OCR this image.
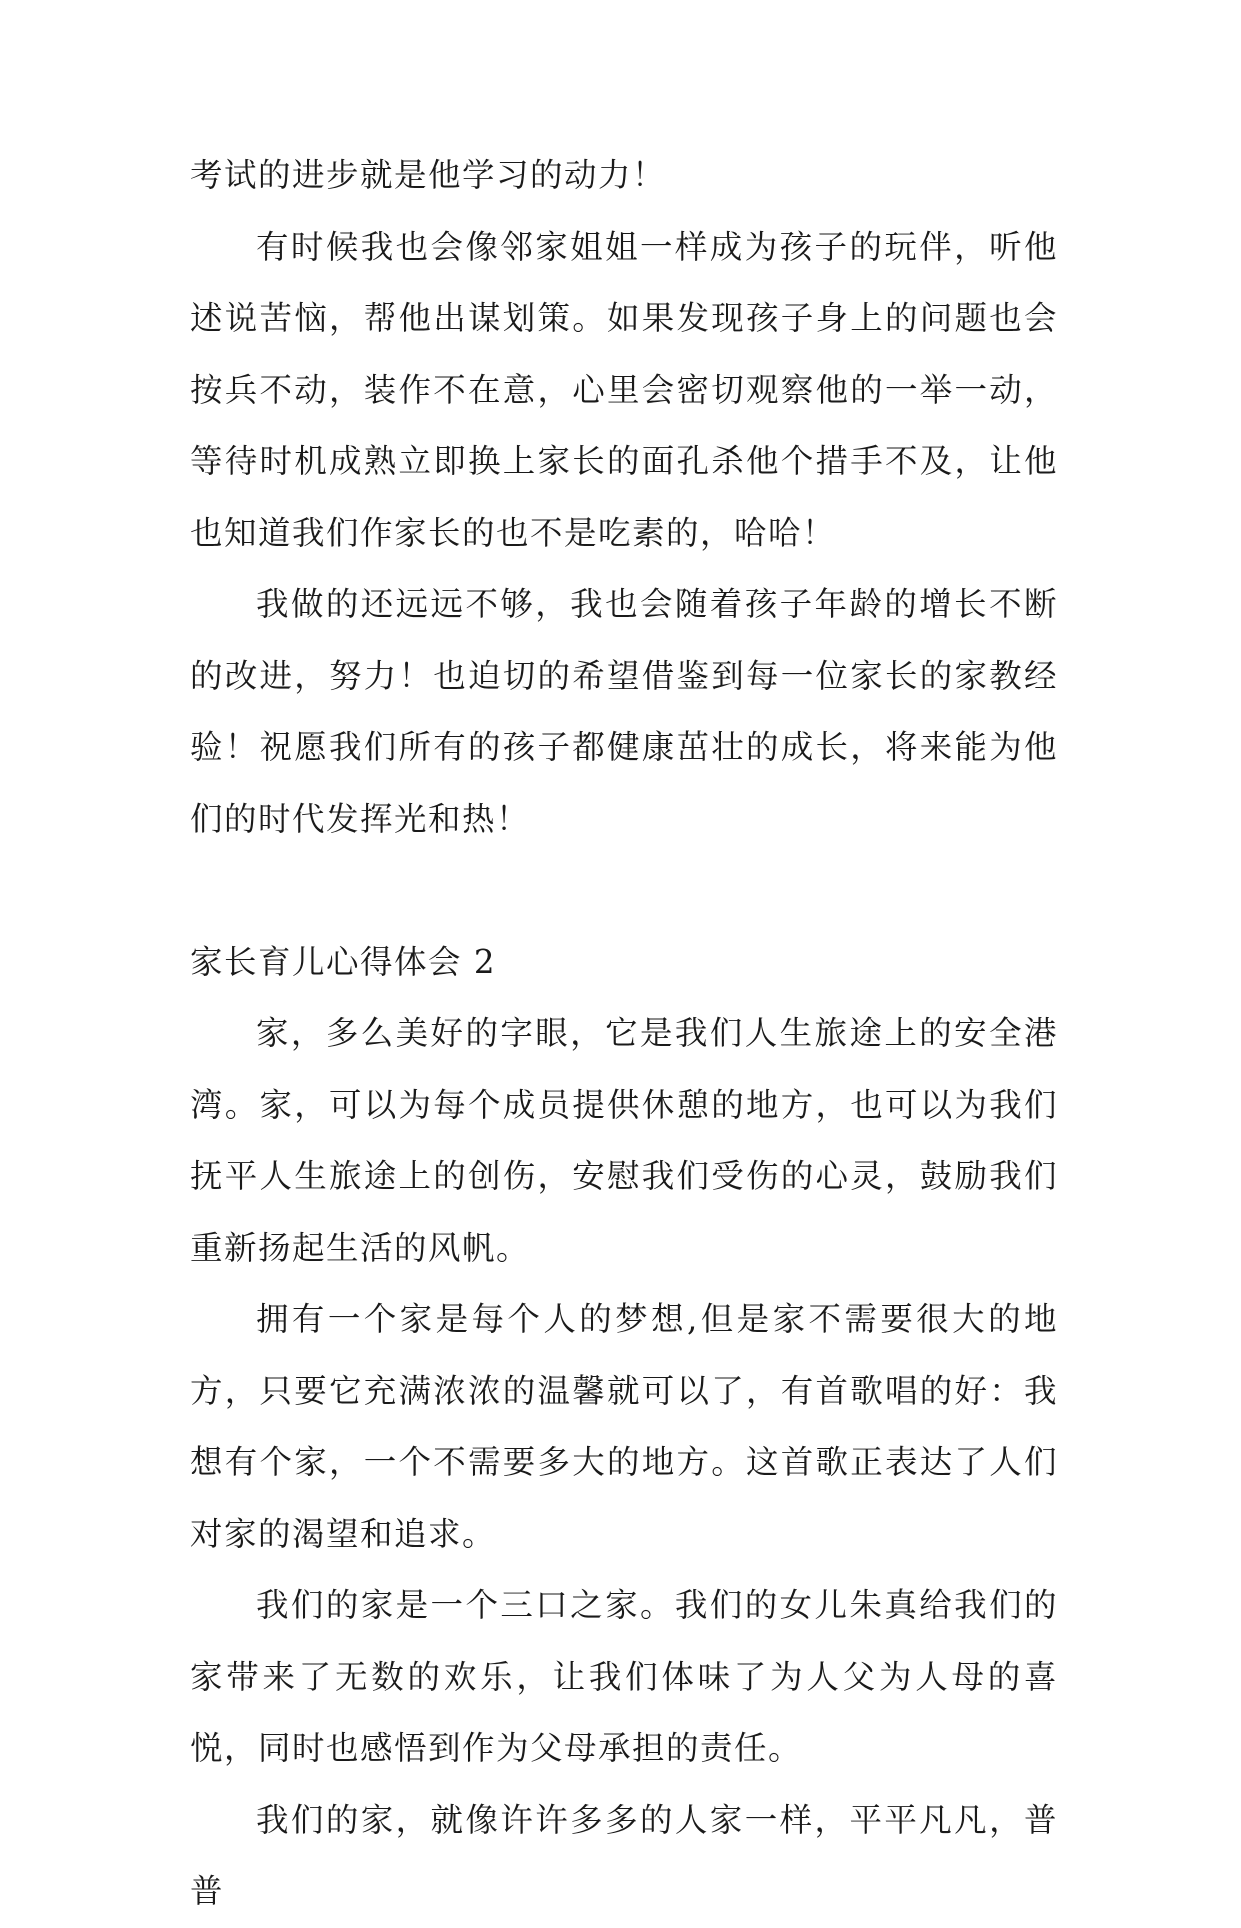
考试的进步就是他学习的动力！

有时候我也会像邻家姐姐一样成为孩子的玩伴，听他述说苦恼，帮他出谋划策。如果发现孩子身上的问题也会按兵不动，装作不在意，心里会密切观察他的一举一动，等待时机成熟立即换上家长的面孔杀他个措手不及，让他也知道我们作家长的也不是吃素的，哈哈！

我做的还远远不够，我也会随着孩子年龄的增长不断的改进，努力！也迫切的希望借鉴到每一位家长的家教经验！祝愿我们所有的孩子都健康茁壮的成长，将来能为他们的时代发挥光和热！

家长育儿心得体会 2

家，多么美好的字眼，它是我们人生旅途上的安全港湾。家，可以为每个成员提供休憩的地方，也可以为我们抚平人生旅途上的创伤，安慰我们受伤的心灵，鼓励我们重新扬起生活的风帆。

拥有一个家是每个人的梦想,但是家不需要很大的地方，只要它充满浓浓的温馨就可以了，有首歌唱的好：我想有个家，一个不需要多大的地方。这首歌正表达了人们对家的渴望和追求。

我们的家是一个三口之家。我们的女儿朱真给我们的家带来了无数的欢乐，让我们体味了为人父为人母的喜悦，同时也感悟到作为父母承担的责任。

我们的家，就像许许多多的人家一样，平平凡凡，普普
